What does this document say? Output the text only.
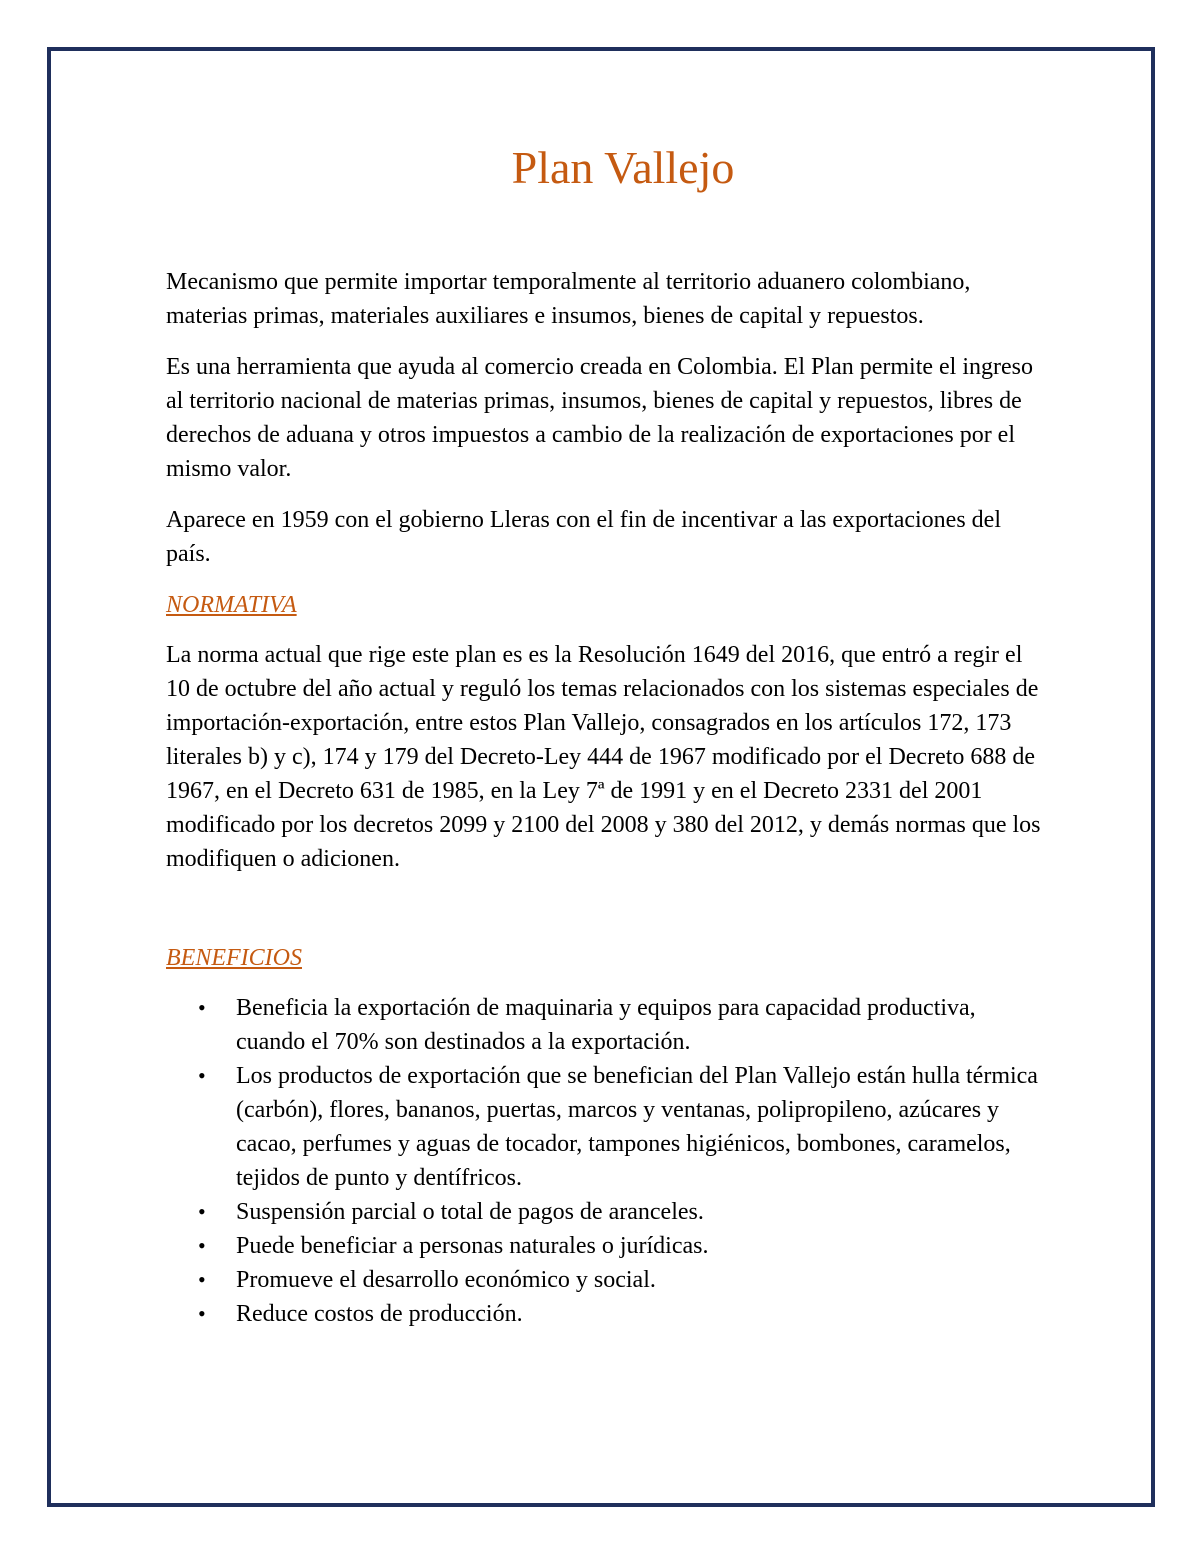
Plan Vallejo

Mecanismo que permite importar temporalmente al territorio aduanero colombiano, materias primas, materiales auxiliares e insumos, bienes de capital y repuestos.

Es una herramienta que ayuda al comercio creada en Colombia. El Plan permite el ingreso al territorio nacional de materias primas, insumos, bienes de capital y repuestos, libres de derechos de aduana y otros impuestos a cambio de la realización de exportaciones por el mismo valor.

Aparece en 1959 con el gobierno Lleras con el fin de incentivar a las exportaciones del país.

NORMATIVA

La norma actual que rige este plan es es la Resolución 1649 del 2016, que entró a regir el 10 de octubre del año actual y reguló los temas relacionados con los sistemas especiales de importación-exportación, entre estos Plan Vallejo, consagrados en los artículos 172, 173 literales b) y c), 174 y 179 del Decreto-Ley 444 de 1967 modificado por el Decreto 688 de 1967, en el Decreto 631 de 1985, en la Ley 7ª de 1991 y en el Decreto 2331 del 2001 modificado por los decretos 2099 y 2100 del 2008 y 380 del 2012, y demás normas que los modifiquen o adicionen.

BENEFICIOS
• Beneficia la exportación de maquinaria y equipos para capacidad productiva, cuando el 70% son destinados a la exportación.
• Los productos de exportación que se benefician del Plan Vallejo están hulla térmica (carbón), flores, bananos, puertas, marcos y ventanas, polipropileno, azúcares y cacao, perfumes y aguas de tocador, tampones higiénicos, bombones, caramelos, tejidos de punto y dentífricos.
• Suspensión parcial o total de pagos de aranceles.
• Puede beneficiar a personas naturales o jurídicas.
• Promueve el desarrollo económico y social.
• Reduce costos de producción.
